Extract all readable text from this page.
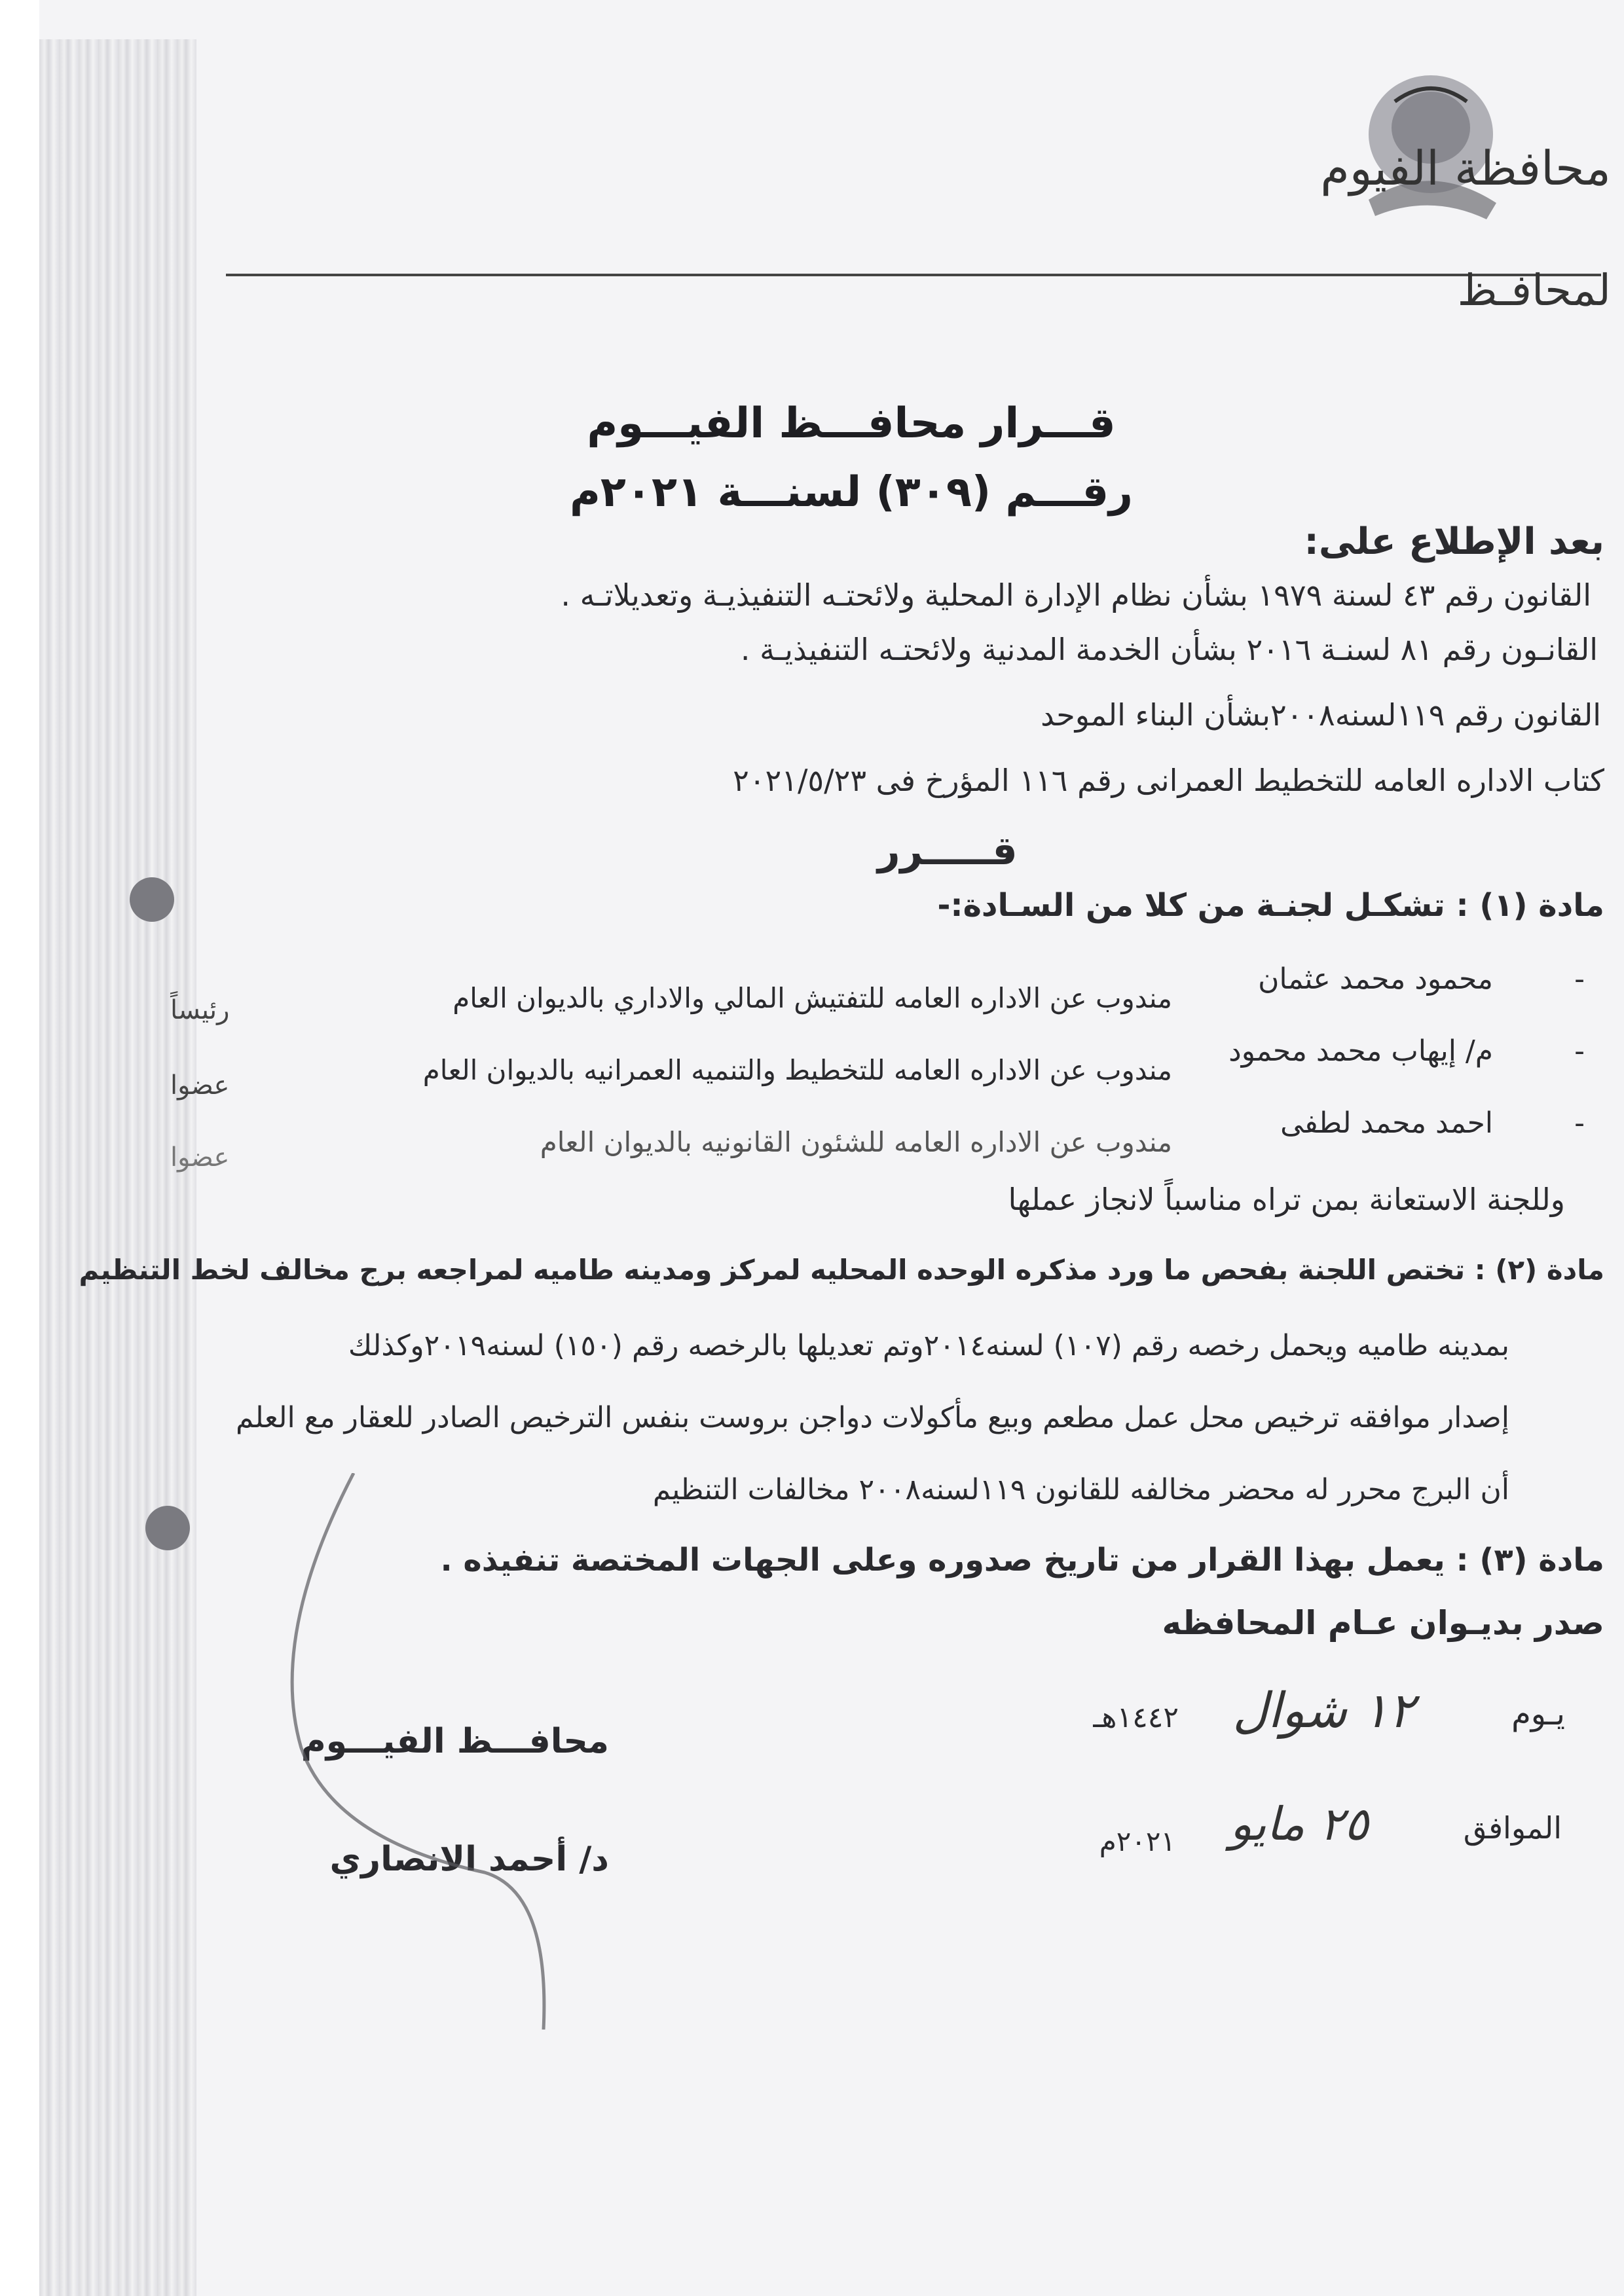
محافظة الفيوم
لمحافـظ
قـــرار محافـــظ الفيـــوم
رقـــم (٣٠٩) لسنـــة ٢٠٢١م
بعد الإطلاع على:
القانون رقم ٤٣ لسنة ١٩٧٩ بشأن نظام الإدارة المحلية ولائحتـه التنفيذيـة وتعديلاتـه .
القانـون رقم ٨١ لسنـة ٢٠١٦ بشأن الخدمة المدنية ولائحتـه التنفيذيـة .
القانون رقم ١١٩لسنه٢٠٠٨بشأن البناء الموحد
كتاب الاداره العامه للتخطيط العمرانى رقم ١١٦ المؤرخ فى ٢٠٢١/٥/٢٣
قـــــرر
مادة (١) : تشكـل لجنـة من كلا من السـادة:-
-
محمود محمد عثمان
مندوب عن الاداره العامه للتفتيش المالي والاداري بالديوان العام
رئيساً
-
م/ إيهاب محمد محمود
مندوب عن الاداره العامه للتخطيط والتنميه العمرانيه بالديوان العام
عضوا
-
احمد محمد لطفى
مندوب عن الاداره العامه للشئون القانونيه بالديوان العام
عضوا
وللجنة الاستعانة بمن تراه مناسباً لانجاز عملها
مادة (٢) : تختص اللجنة بفحص ما ورد مذكره الوحده المحليه لمركز ومدينه طاميه لمراجعه برج مخالف لخط التنظيم
بمدينه طاميه ويحمل رخصه رقم (١٠٧) لسنه٢٠١٤وتم تعديلها بالرخصه رقم (١٥٠) لسنه٢٠١٩وكذلك
إصدار موافقه ترخيص محل عمل مطعم وبيع مأكولات دواجن بروست بنفس الترخيص الصادر للعقار مع العلم
أن البرج محرر له محضر مخالفه للقانون ١١٩لسنه٢٠٠٨ مخالفات التنظيم
مادة (٣) : يعمل بهذا القرار من تاريخ صدوره وعلى الجهات المختصة تنفيذه .
صدر بديـوان عـام المحافظه
يـوم
١٢ شوال
١٤٤٢هـ
الموافق
٢٥ مايو
٢٠٢١م
محافـــظ الفيـــوم
د/ أحمد الانصاري
